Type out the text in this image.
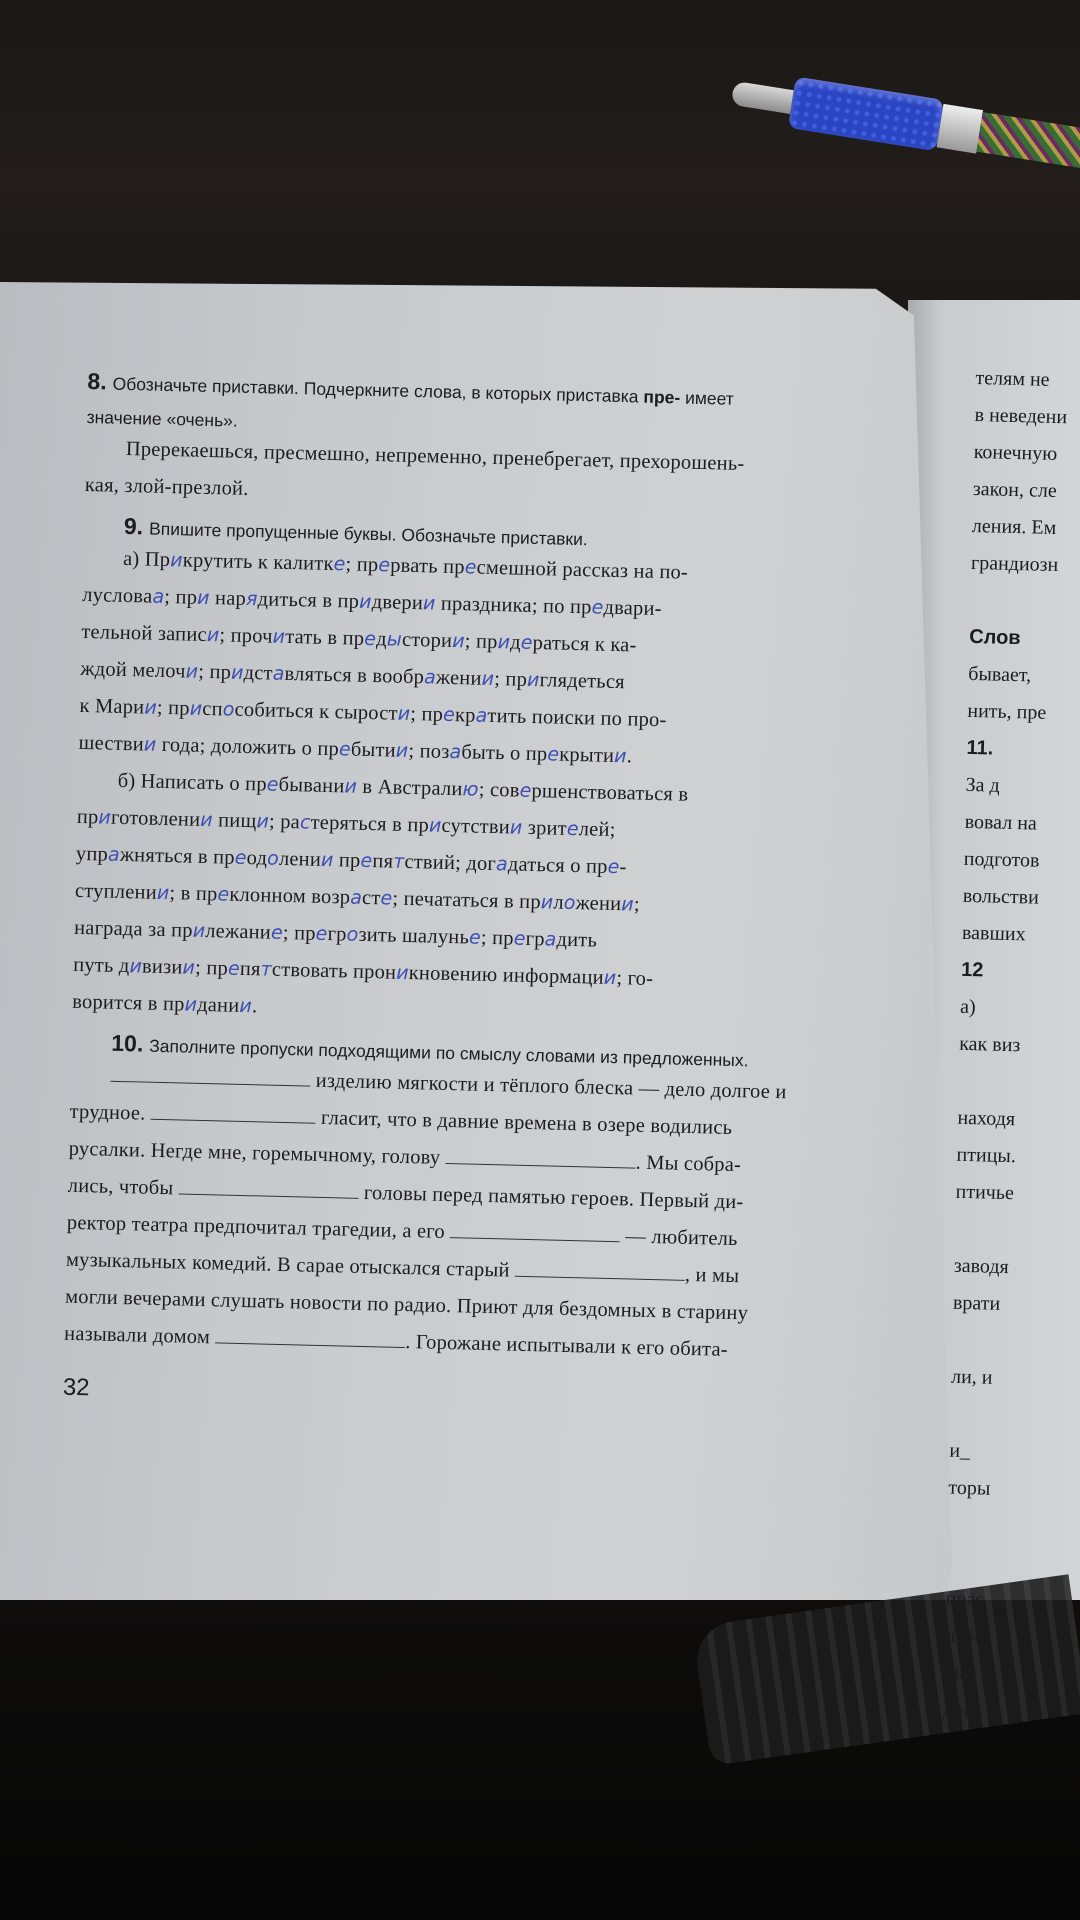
8. Обозначьте приставки. Подчеркните слова, в которых приставка пре- имеет
значение «очень».

Пререкаешься, пресмешно, непременно, пренебрегает, прехорошень-

кая, злой-презлой.

9. Впишите пропущенные буквы. Обозначьте приставки.

а) Прикрутить к калитке; прервать пресмешной рассказ на по-

лусловaа; при нарядиться в придверии праздника; по предвари-

тельной записи; прочитать в предыстории; придераться к ка-

ждой мелочи; придставляться в воображении; приглядеться

к Марии; приспособиться к сырости; прекратить поиски по про-

шествии года; доложить о пребытии; позабыть о прекрытии.

б) Написать о пребывании в Австралию; совершенствоваться в

приготовлении пищи; растеряться в присутствии зрителей;

упражняться в преодолении препятствий; догадаться о пре-

ступлении; в преклонном возрасте; печататься в приложении;

награда за прилежание; прегрозить шалунье; преградить

путь дивизии; препятствовать проникновению информации; го-

ворится в придании.

10. Заполните пропуски подходящими по смыслу словами из предложенных.

изделию мягкости и тёплого блеска — дело долгое и

трудное.	гласит, что в давние времена в озере водились

русалки. Негде мне, горемычному, голову	. Мы собра-

лись, чтобы	головы перед памятью героев. Первый ди-

ректор театра предпочитал трагедии, а его	— любитель

музыкальных комедий. В сарае отыскался старый	, и мы

могли вечерами слушать новости по радио. Приют для бездомных в старину

называли домом	. Горожане испытывали к его обита-

32
телям не
в неведени
конечную
закон, сле
ления. Ем
грандиозн

Слов
бывает,
нить, пре
11.
За д
вовал на
подготов
вольстви
вавших
12
а)
как виз

находя
птицы.
птичье

заводя
врати

ли, и

и_
торы

прас
ный
лых
дош
